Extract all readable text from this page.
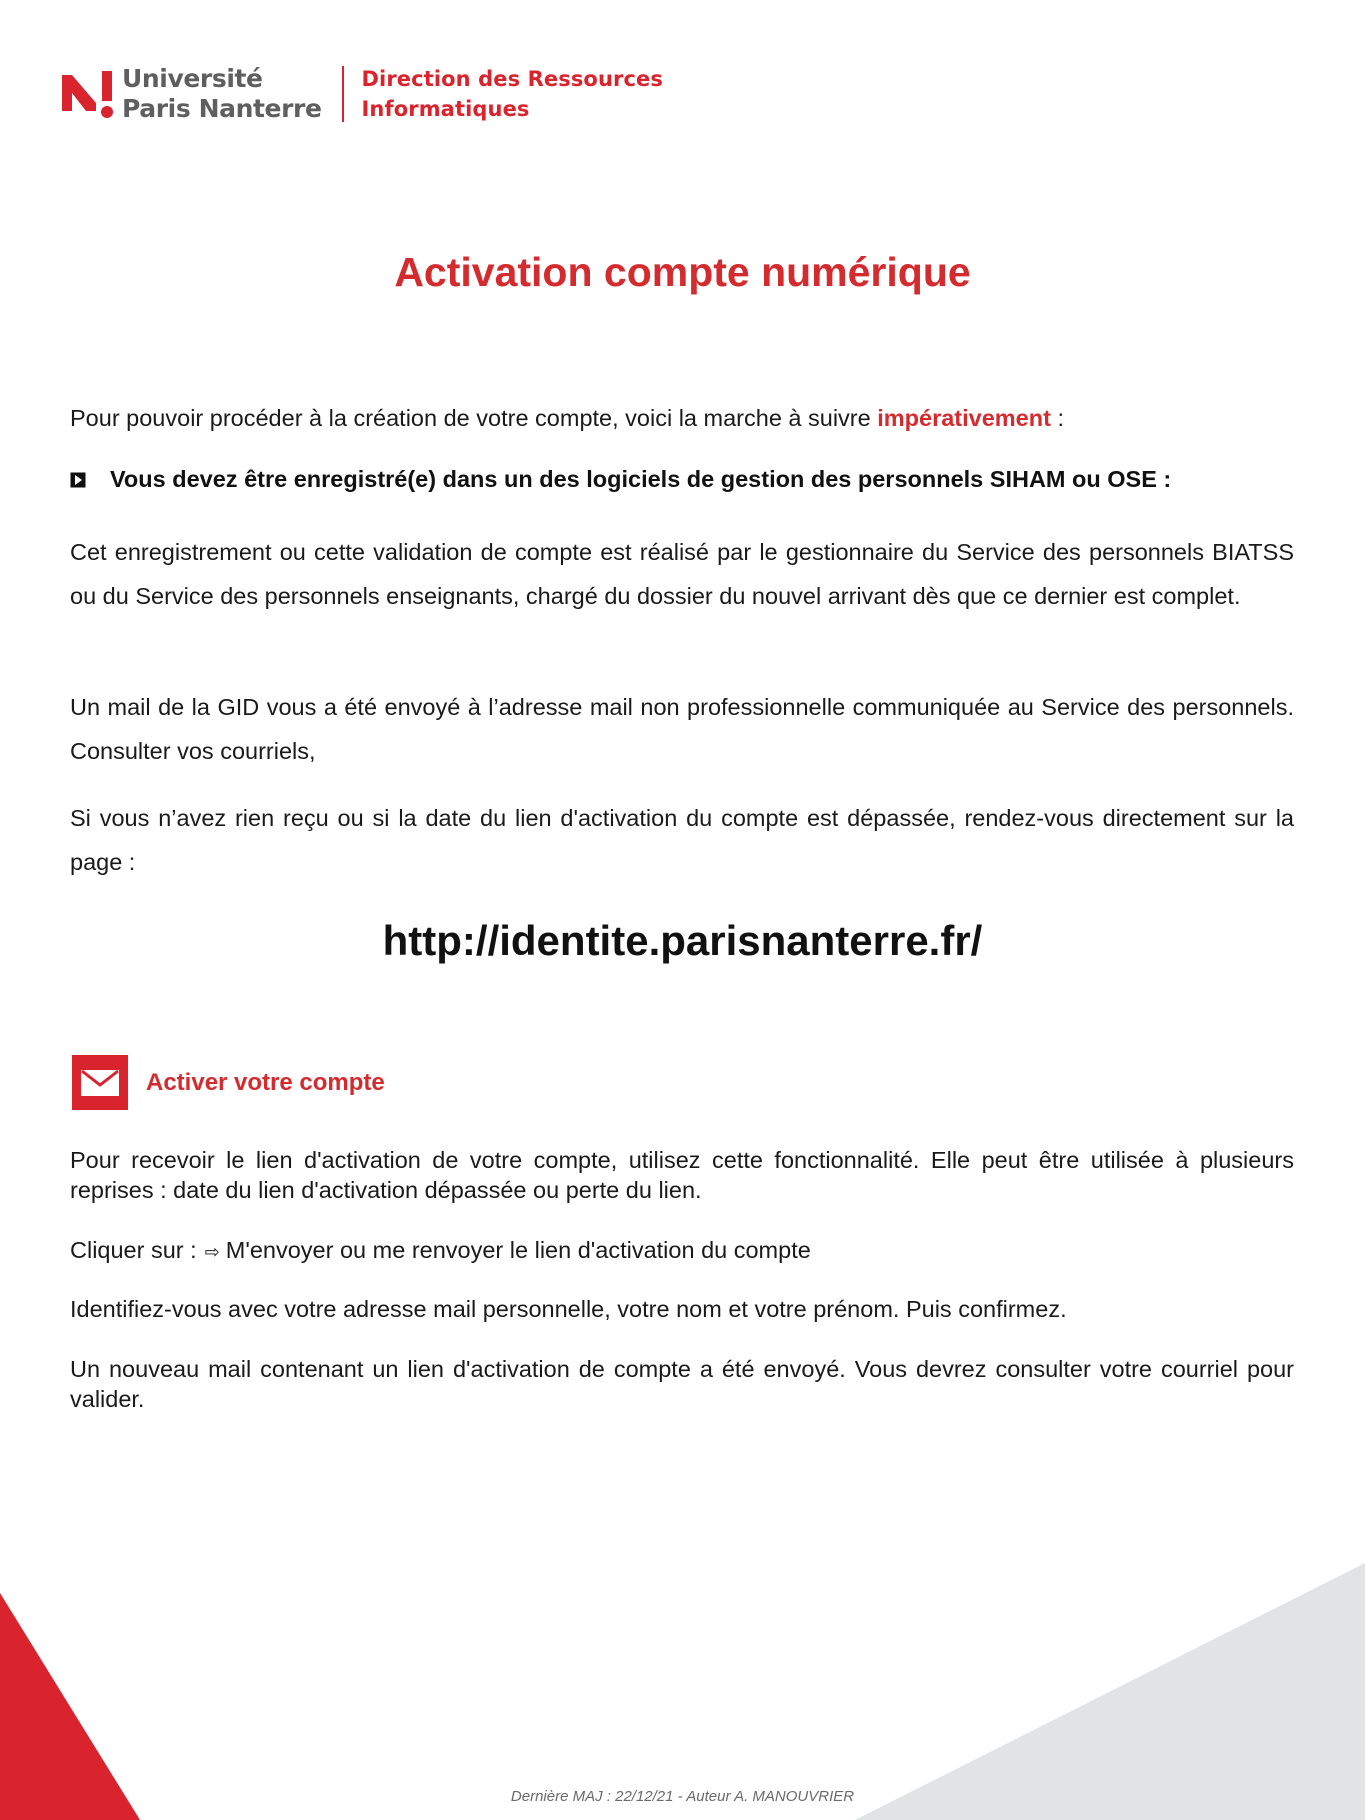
Université
Paris Nanterre
Direction des Ressources
Informatiques
Activation compte numérique

Pour pouvoir procéder à la création de votre compte, voici la marche à suivre impérativement :

Vous devez être enregistré(e) dans un des logiciels de gestion des personnels SIHAM ou OSE :

Cet enregistrement ou cette validation de compte est réalisé par le gestionnaire du Service des personnels BIATSS ou du Service des personnels enseignants, chargé du dossier du nouvel arrivant dès que ce dernier est complet.

Un mail de la GID vous a été envoyé à l’adresse mail non professionnelle communiquée au Service des personnels. Consulter vos courriels,

Si vous n’avez rien reçu ou si la date du lien d'activation du compte est dépassée, rendez-vous directement sur la page :

http://identite.parisnanterre.fr/
Activer votre compte

Pour recevoir le lien d'activation de votre compte, utilisez cette fonctionnalité. Elle peut être utilisée à plusieurs reprises : date du lien d'activation dépassée ou perte du lien.

Cliquer sur : ⇨ M'envoyer ou me renvoyer le lien d'activation du compte

Identifiez-vous avec votre adresse mail personnelle, votre nom et votre prénom. Puis confirmez.

Un nouveau mail contenant un lien d'activation de compte a été envoyé. Vous devrez consulter votre courriel pour valider.

Dernière MAJ : 22/12/21 - Auteur A. MANOUVRIER
